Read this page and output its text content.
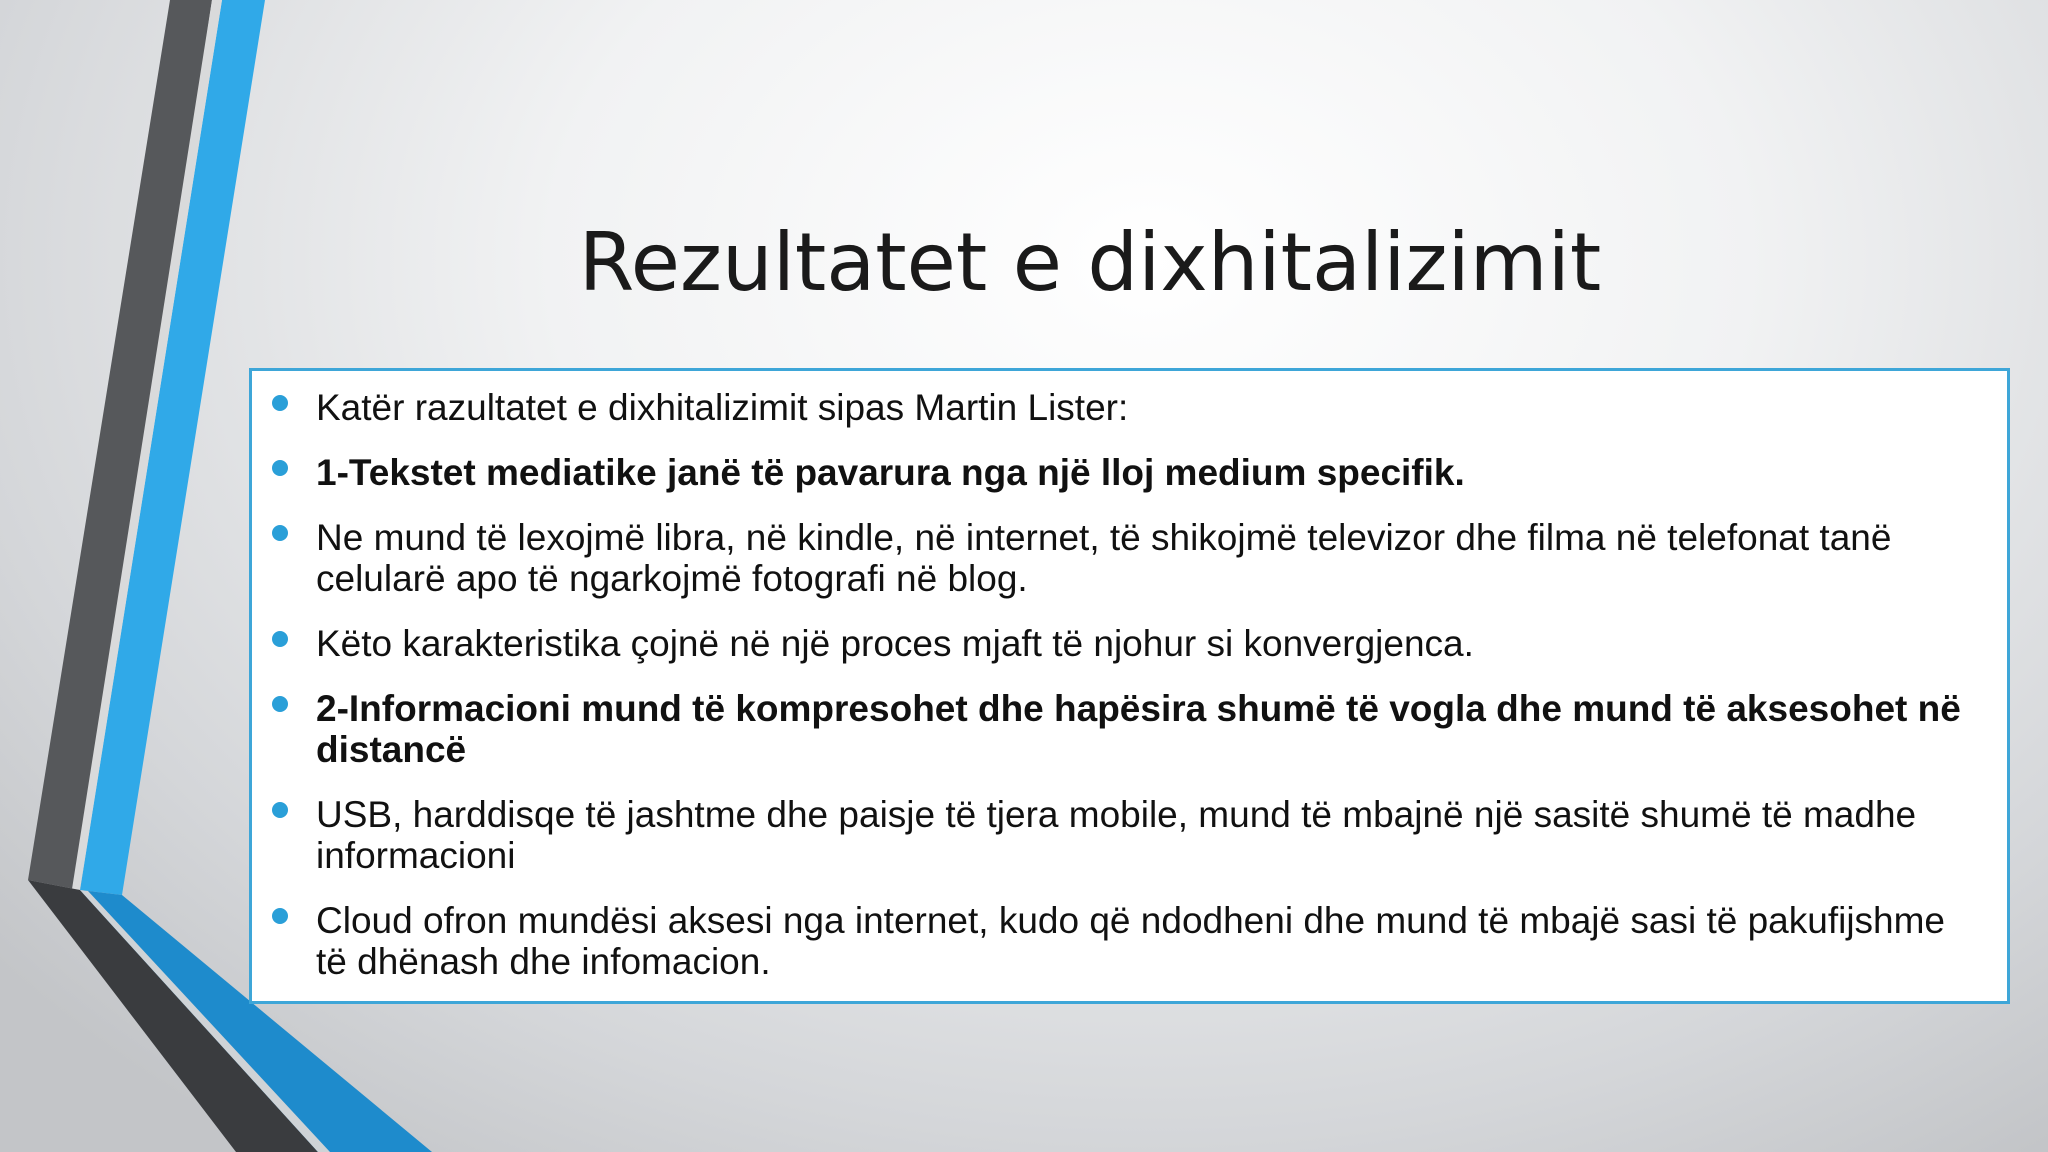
Rezultatet e dixhitalizimit
Katër razultatet e dixhitalizimit sipas Martin Lister:
1-Tekstet mediatike janë të pavarura nga një lloj medium specifik.
Ne mund të lexojmë libra, në kindle, në internet, të shikojmë televizor dhe filma në telefonat tanë celularë apo të ngarkojmë fotografi në blog.
Këto karakteristika çojnë në një proces mjaft të njohur si konvergjenca.
2-Informacioni mund të kompresohet dhe hapësira shumë të vogla dhe mund të aksesohet në distancë
USB, harddisqe të jashtme dhe paisje të tjera mobile, mund të mbajnë një sasitë shumë të madhe informacioni
Cloud ofron mundësi aksesi nga internet, kudo që ndodheni dhe mund të mbajë sasi të pakufijshme të dhënash dhe infomacion.
